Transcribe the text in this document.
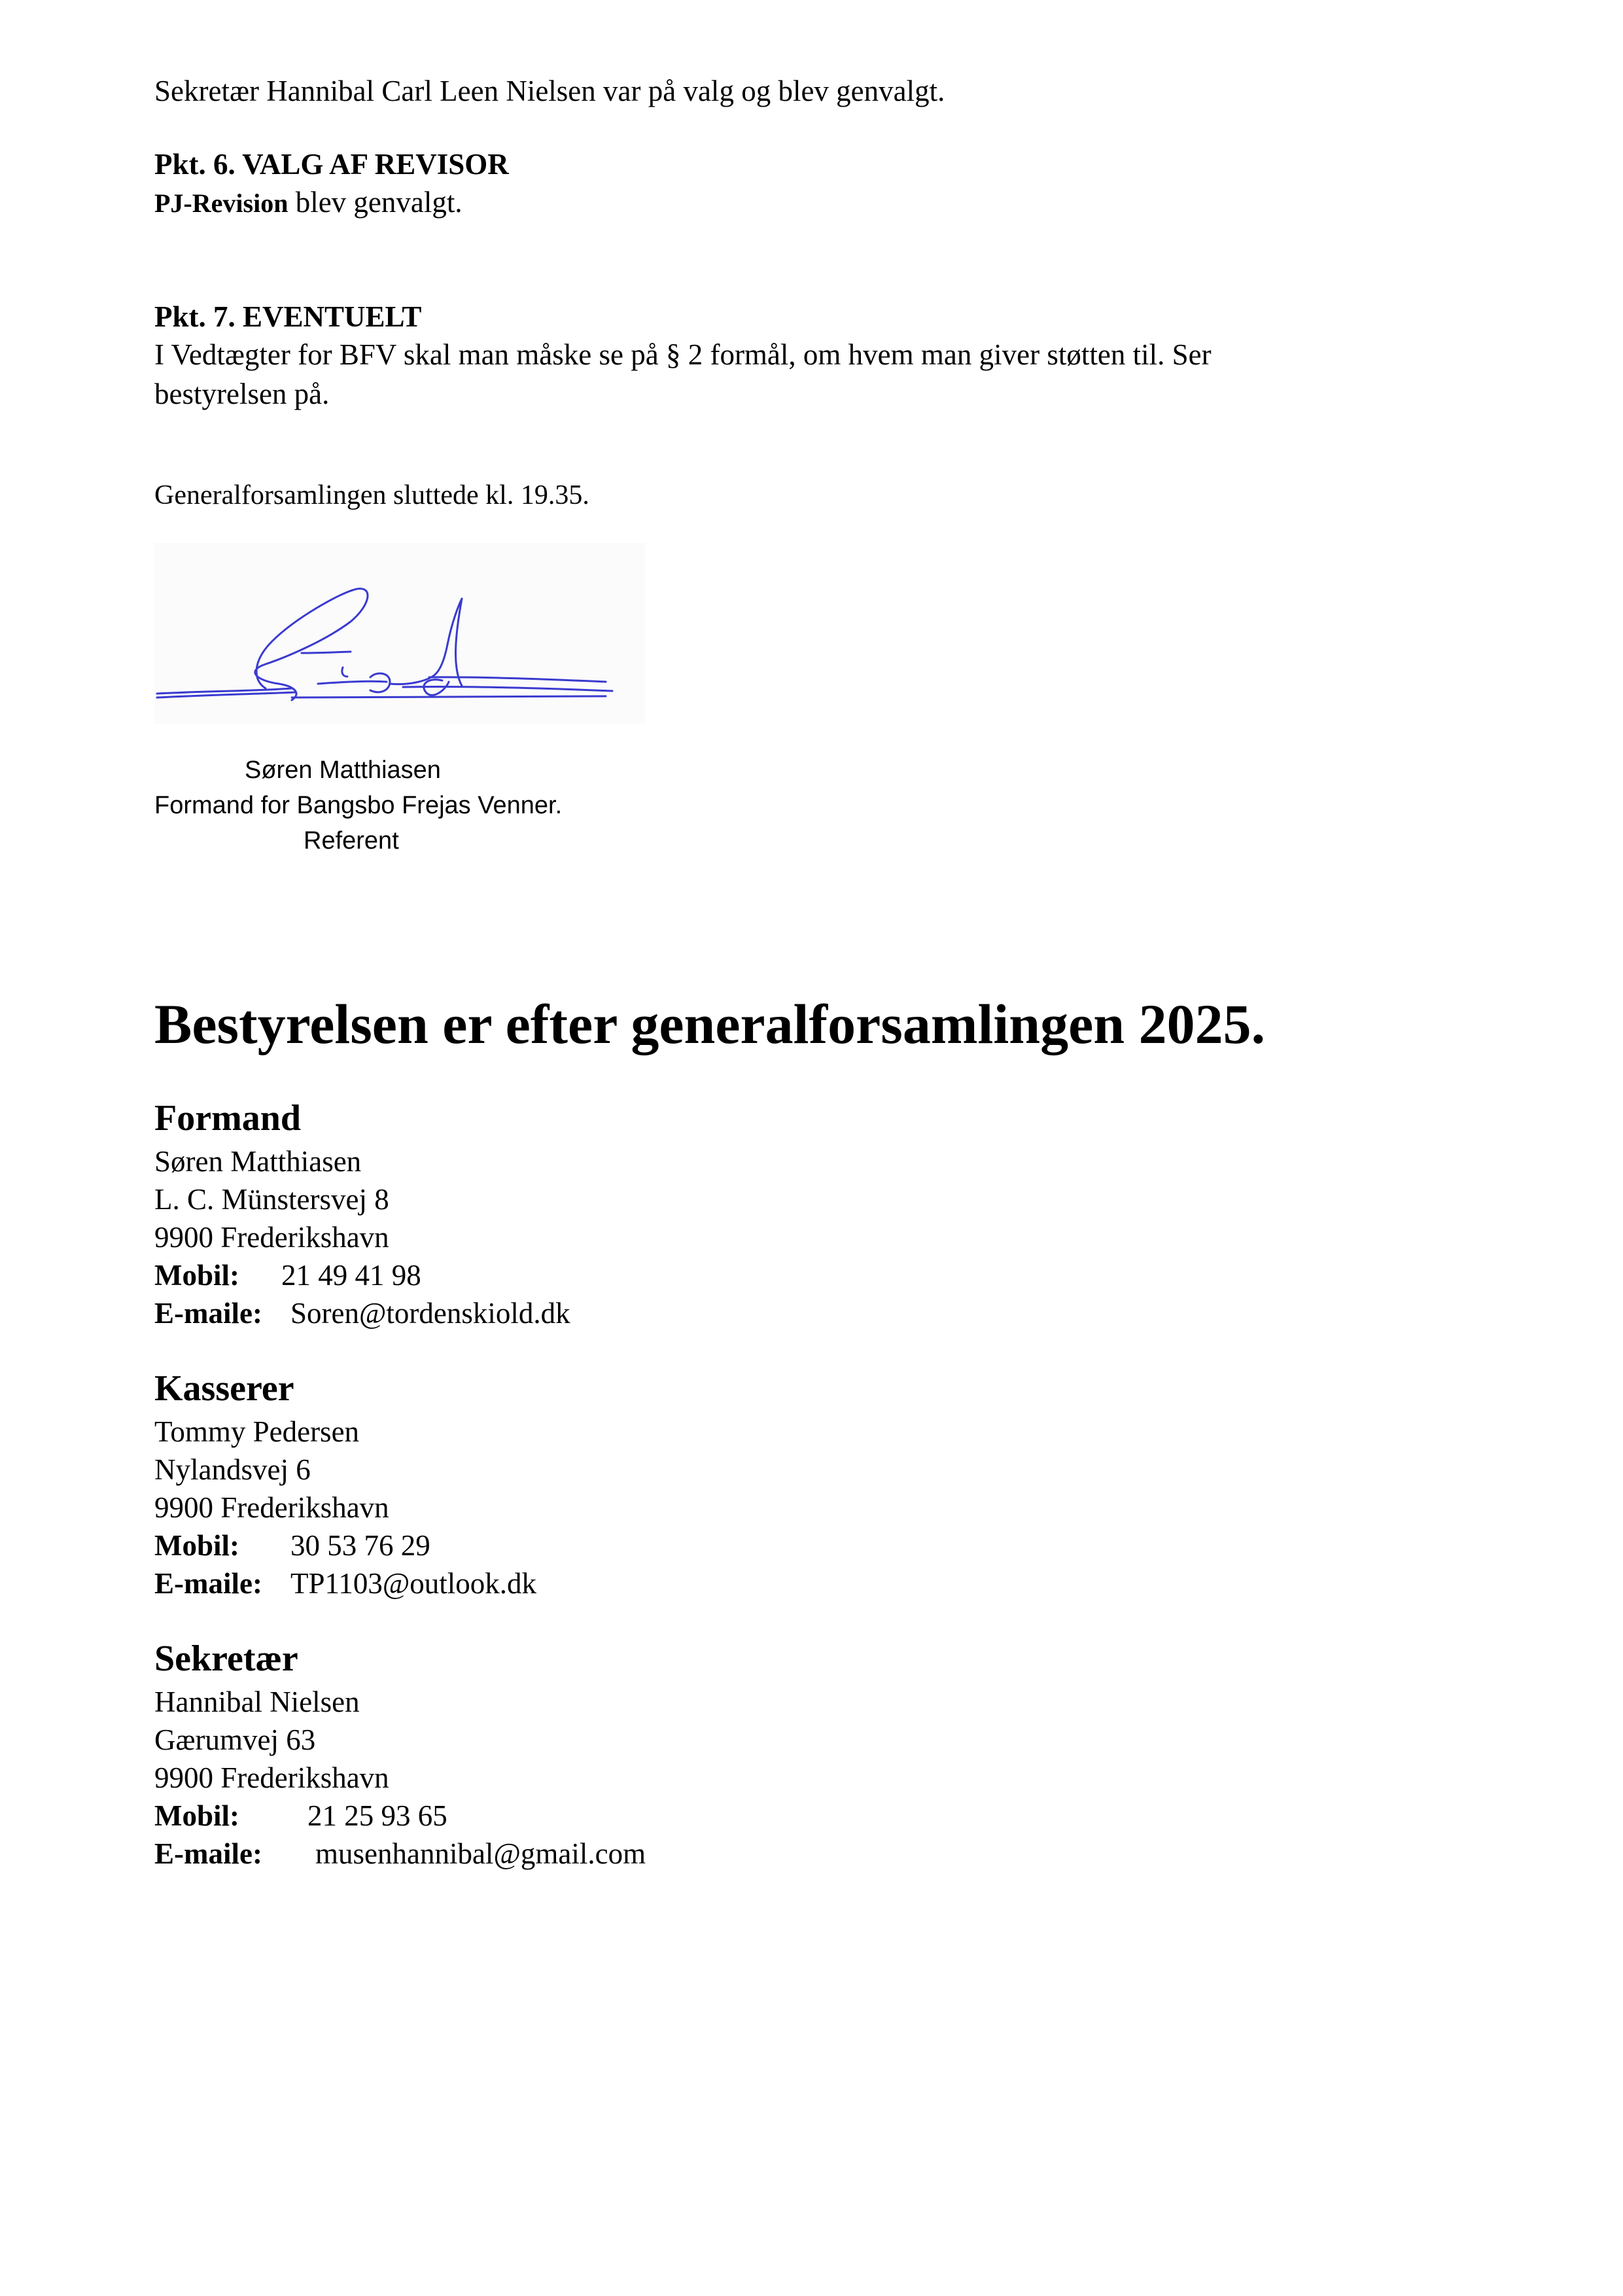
Sekretær Hannibal Carl Leen Nielsen var på valg og blev genvalgt.
Pkt. 6. VALG AF REVISOR
PJ-Revision blev genvalgt.
Pkt. 7. EVENTUELT
I Vedtægter for BFV skal man måske se på § 2 formål, om hvem man giver støtten til. Ser
bestyrelsen på.
Generalforsamlingen sluttede kl. 19.35.
Søren Matthiasen
Formand for Bangsbo Frejas Venner.
Referent
Bestyrelsen er efter generalforsamlingen 2025.
Formand
Søren Matthiasen
L. C. Münstersvej 8
9900 Frederikshavn
Mobil: 21 49 41 98
E-maile: Soren@tordenskiold.dk
Kasserer
Tommy Pedersen
Nylandsvej 6
9900 Frederikshavn
Mobil: 30 53 76 29
E-maile: TP1103@outlook.dk
Sekretær
Hannibal Nielsen
Gærumvej 63
9900 Frederikshavn
Mobil: 21 25 93 65
E-maile: musenhannibal@gmail.com
